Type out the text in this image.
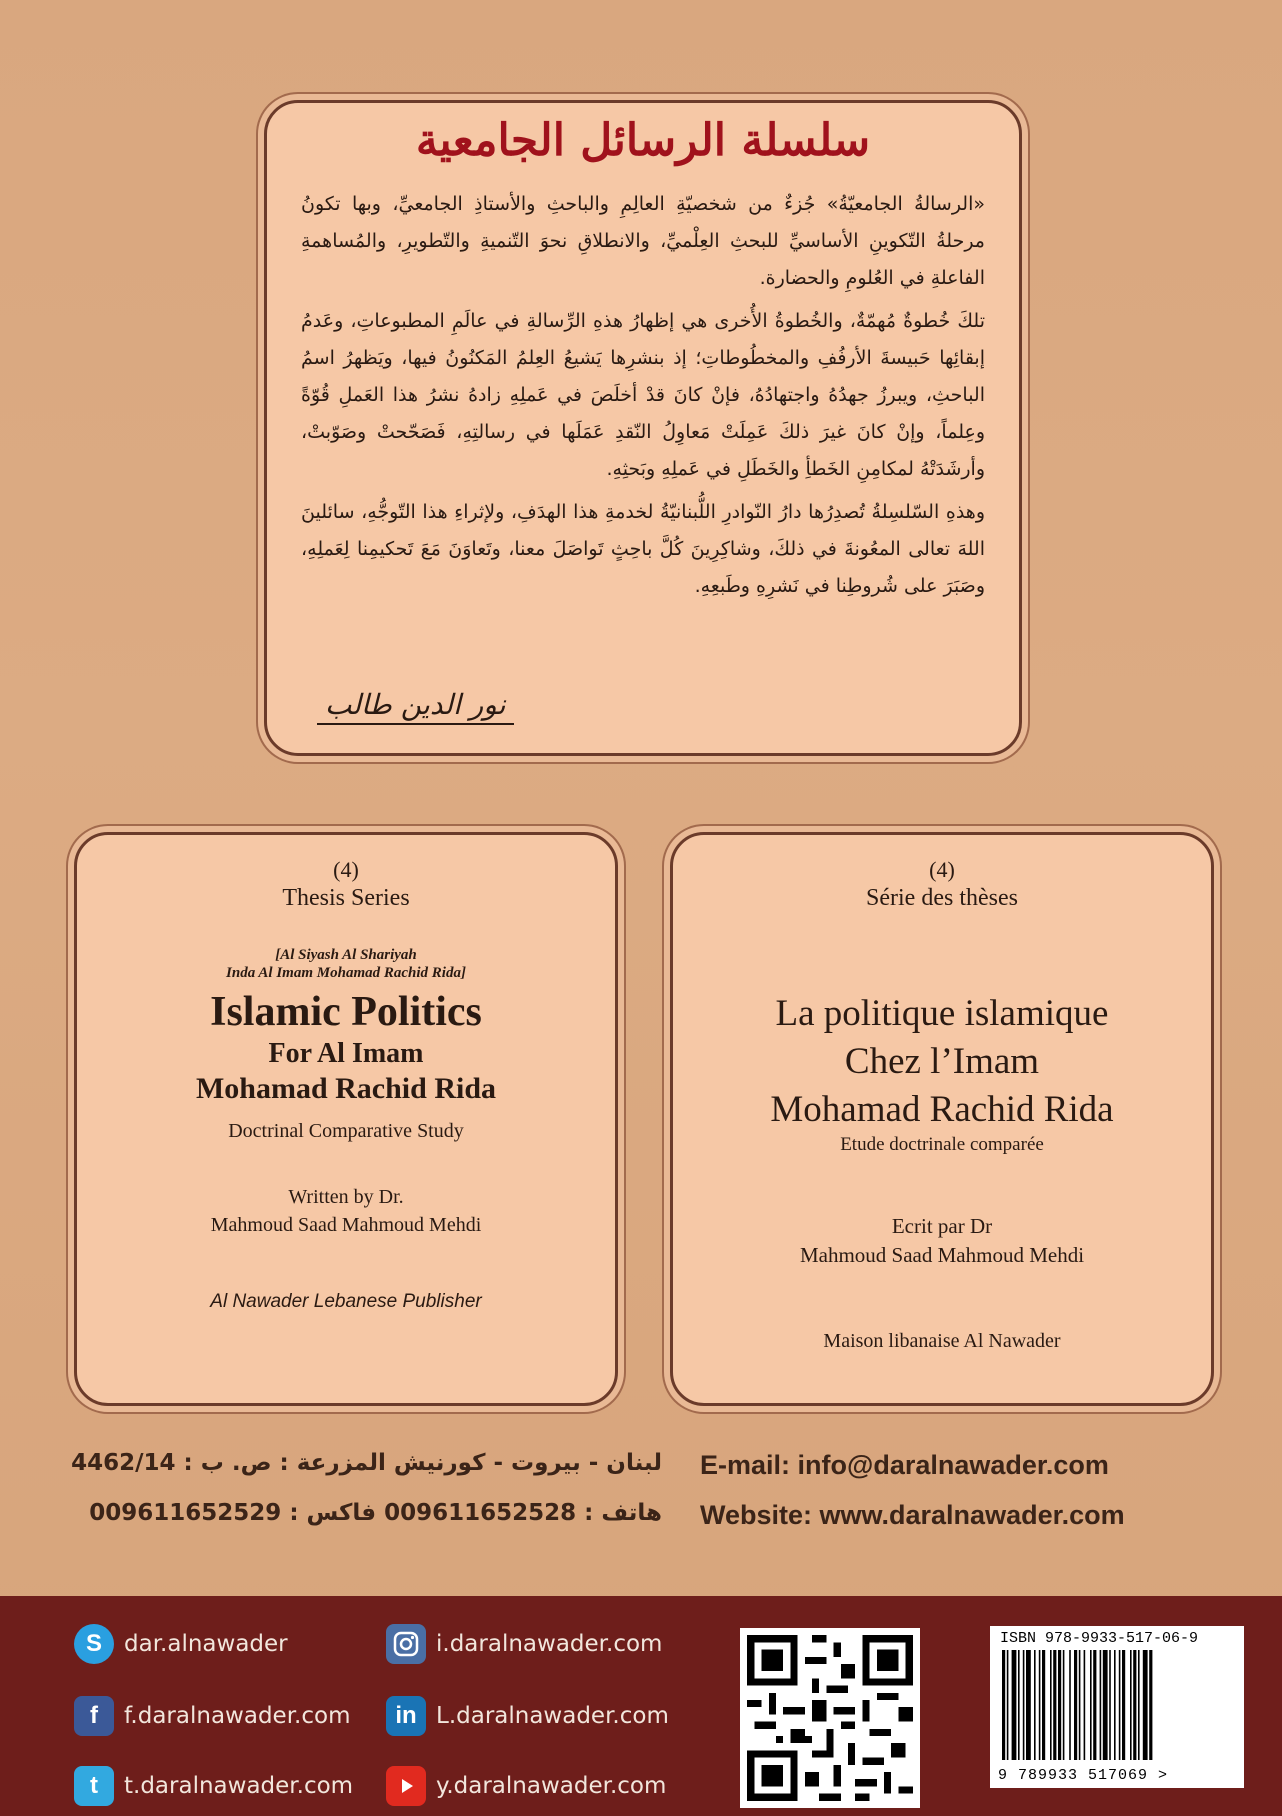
سلسلة الرسائل الجامعية

«الرسالةُ الجامعيّةُ» جُزءٌ من شخصيّةِ العالِمِ والباحثِ والأستاذِ الجامعيِّ، وبها تكونُ مرحلةُ التّكوينِ الأساسيِّ للبحثِ العِلْميِّ، والانطلاقِ نحوَ التّنميةِ والتّطويرِ، والمُساهمةِ الفاعلةِ في العُلومِ والحضارة.

تلكَ خُطوةٌ مُهمّةٌ، والخُطوةُ الأُخرى هي إظهارُ هذهِ الرِّسالةِ في عالَمِ المطبوعاتِ، وعَدمُ إبقائِها حَبيسةَ الأرفُفِ والمخطُوطاتِ؛ إذ بنشرِها يَشيعُ العِلمُ المَكنُونُ فيها، ويَظهرُ اسمُ الباحثِ، ويبرزُ جهدُهُ واجتهادُهُ، فإنْ كانَ قدْ أخلَصَ في عَملِهِ زادهُ نشرُ هذا العَملِ قُوّةً وعِلماً، وإنْ كانَ غيرَ ذلكَ عَمِلَتْ مَعاوِلُ النّقدِ عَمَلَها في رسالتِهِ، فَصَحّحتْ وصَوّبتْ، وأرشَدَتْهُ لمكامِنِ الخَطأِ والخَطَلِ في عَملِهِ وبَحثِهِ.

وهذهِ السّلسِلةُ تُصدِرُها دارُ النّوادرِ اللُّبنانيّةُ لخدمةِ هذا الهدَفِ، ولإثراءِ هذا التّوجُّهِ، سائلينَ اللهَ تعالى المعُونةَ في ذلكَ، وشاكِرِينَ كُلَّ باحِثٍ تَواصَلَ معنا، وتَعاوَنَ مَعَ تَحكيمِنا لِعَملِهِ، وصَبَرَ على شُروطِنا في نَشرِهِ وطَبعِهِ.

نور الدين طالب
(4)
Thesis Series
[Al Siyash Al Shariyah
Inda Al Imam Mohamad Rachid Rida]
Islamic Politics
For Al Imam
Mohamad Rachid Rida
Doctrinal Comparative Study
Written by Dr.
Mahmoud Saad Mahmoud Mehdi
Al Nawader Lebanese Publisher
(4)
Série des thèses
La politique islamique
Chez l’Imam
Mohamad Rachid Rida
Etude doctrinale comparée
Ecrit par Dr
Mahmoud Saad Mahmoud Mehdi
Maison libanaise Al Nawader
E-mail: info@daralnawader.com
Website: www.daralnawader.com
لبنان - بيروت - كورنيش المزرعة : ص. ب : 4462/14
هاتف : 009611652528 فاكس : 009611652529
S dar.alnawader	i.daralnawader.com
f	f.daralnawader.com	in L.daralnawader.com
t	t.daralnawader.com	y.daralnawader.com
ISBN 978-9933-517-06-9
9 789933 517069 >
